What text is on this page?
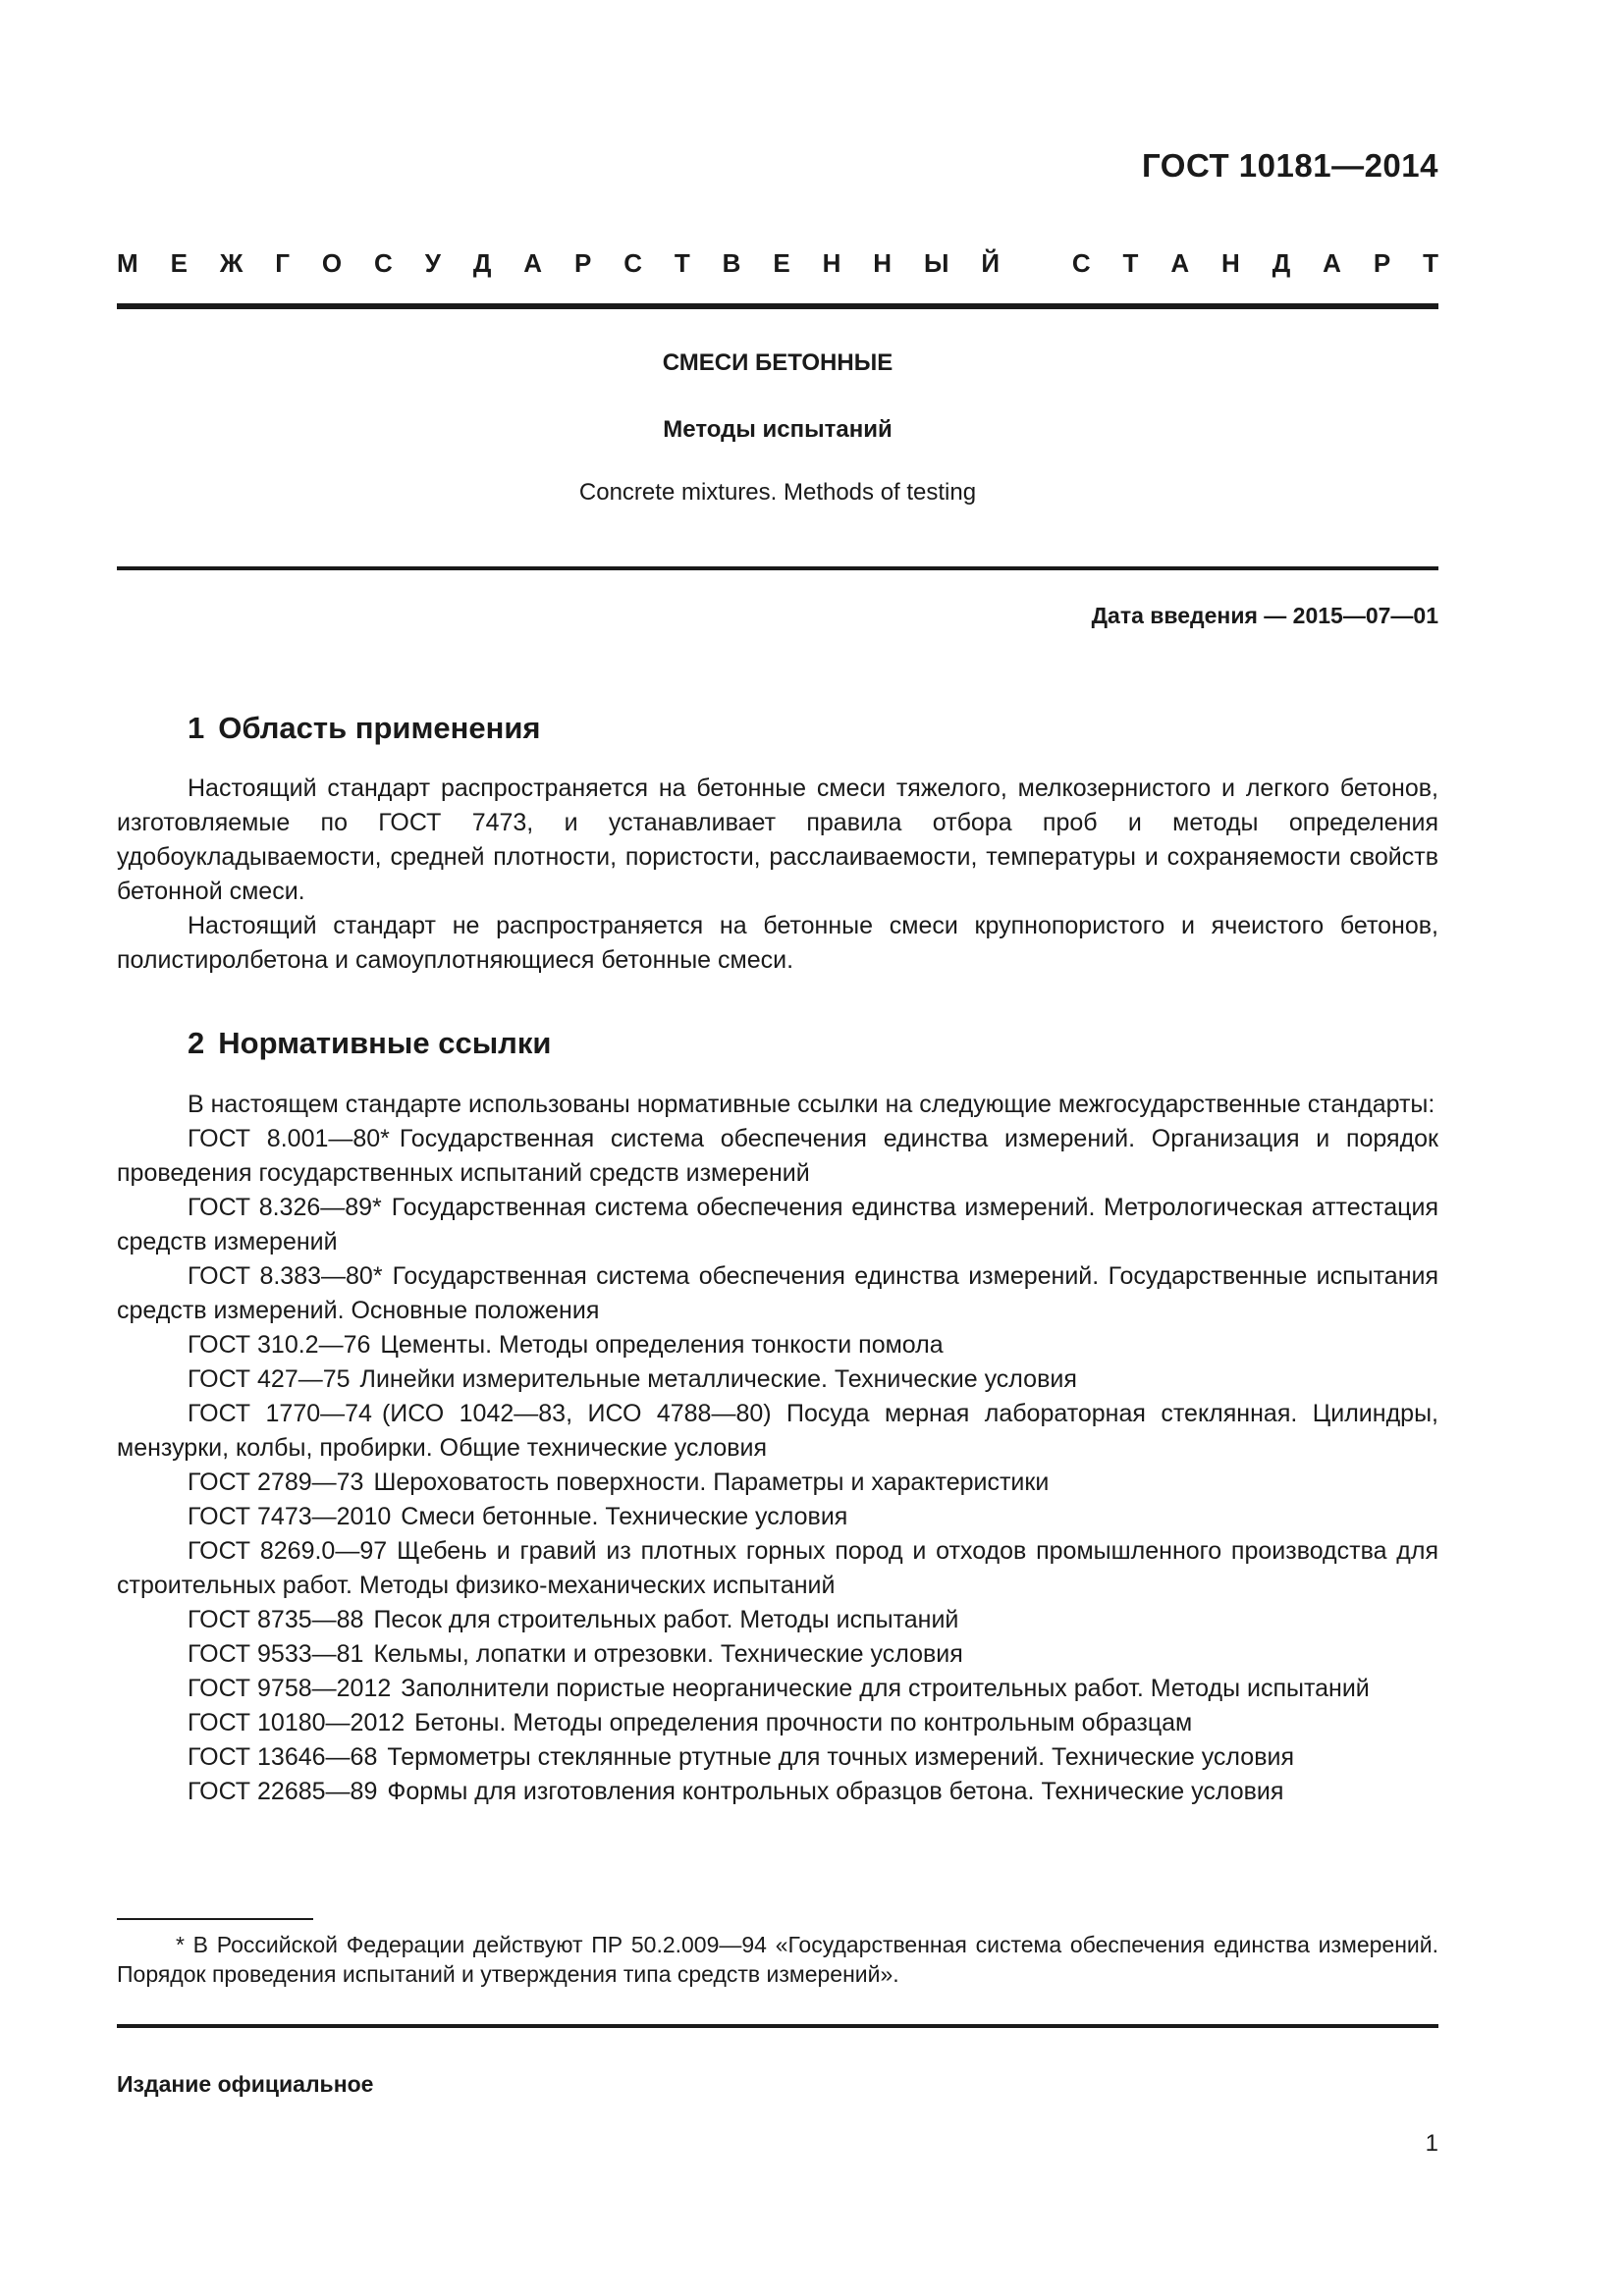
ГОСТ 10181—2014
М Е Ж Г О С У Д А Р С Т В Е Н Н Ы Й	С Т А Н Д А Р Т
СМЕСИ БЕТОННЫЕ
Методы испытаний
Concrete mixtures. Methods of testing
Дата введения — 2015—07—01
1 Область применения

Настоящий стандарт распространяется на бетонные смеси тяжелого, мелкозернистого и легкого бетонов, изготовляемые по ГОСТ 7473, и устанавливает правила отбора проб и методы определения удобоукладываемости, средней плотности, пористости, расслаиваемости, температуры и сохраняемости свойств бетонной смеси.

Настоящий стандарт не распространяется на бетонные смеси крупнопористого и ячеистого бетонов, полистиролбетона и самоуплотняющиеся бетонные смеси.

2 Нормативные ссылки

В настоящем стандарте использованы нормативные ссылки на следующие межгосударственные стандарты:

ГОСТ 8.001—80* Государственная система обеспечения единства измерений. Организация и порядок проведения государственных испытаний средств измерений

ГОСТ 8.326—89* Государственная система обеспечения единства измерений. Метрологическая аттестация средств измерений

ГОСТ 8.383—80* Государственная система обеспечения единства измерений. Государственные испытания средств измерений. Основные положения

ГОСТ 310.2—76 Цементы. Методы определения тонкости помола

ГОСТ 427—75 Линейки измерительные металлические. Технические условия

ГОСТ 1770—74 (ИСО 1042—83, ИСО 4788—80) Посуда мерная лабораторная стеклянная. Цилиндры, мензурки, колбы, пробирки. Общие технические условия

ГОСТ 2789—73 Шероховатость поверхности. Параметры и характеристики

ГОСТ 7473—2010 Смеси бетонные. Технические условия

ГОСТ 8269.0—97 Щебень и гравий из плотных горных пород и отходов промышленного производства для строительных работ. Методы физико-механических испытаний

ГОСТ 8735—88 Песок для строительных работ. Методы испытаний

ГОСТ 9533—81 Кельмы, лопатки и отрезовки. Технические условия

ГОСТ 9758—2012 Заполнители пористые неорганические для строительных работ. Методы испытаний

ГОСТ 10180—2012 Бетоны. Методы определения прочности по контрольным образцам

ГОСТ 13646—68 Термометры стеклянные ртутные для точных измерений. Технические условия

ГОСТ 22685—89 Формы для изготовления контрольных образцов бетона. Технические условия

* В Российской Федерации действуют ПР 50.2.009—94 «Государственная система обеспечения единства измерений. Порядок проведения испытаний и утверждения типа средств измерений».

Издание официальное
1
